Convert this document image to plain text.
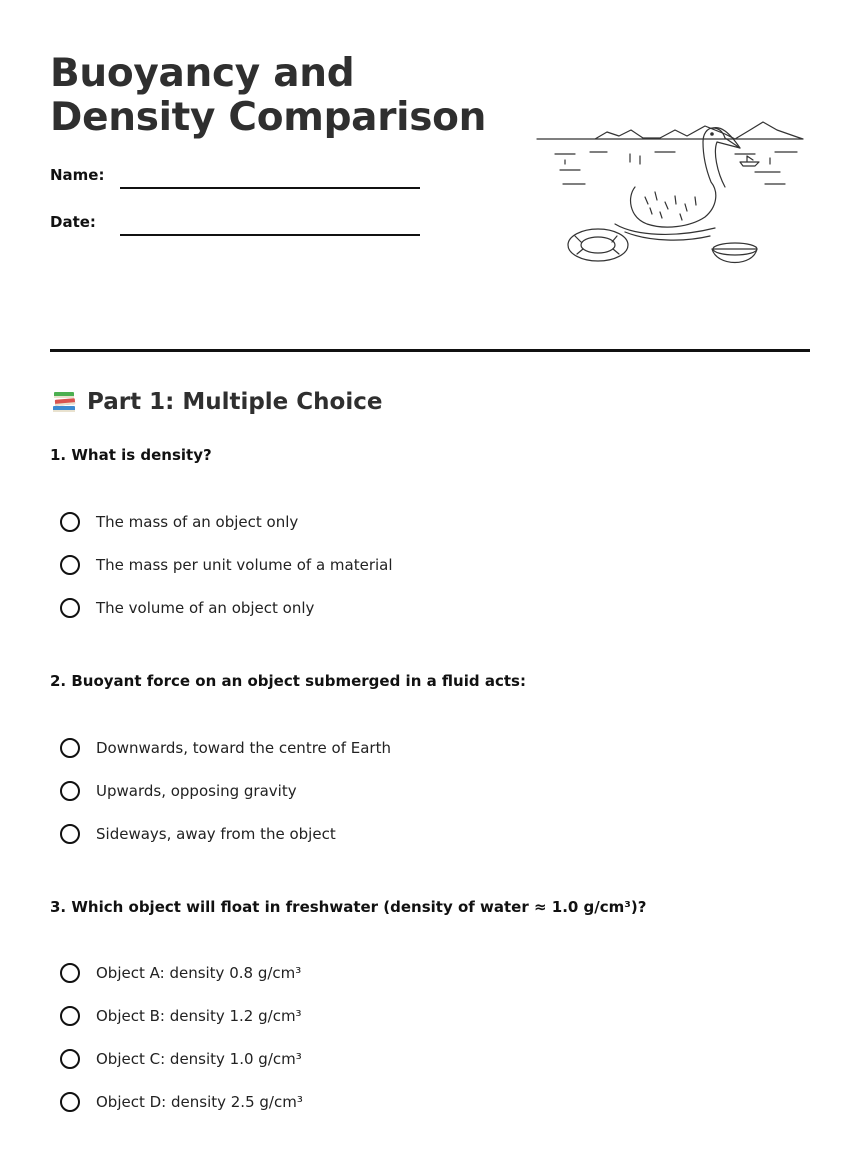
Buoyancy and Density Comparison
Name:
Date:
Part 1: Multiple Choice

1. What is density?

The mass of an object only
The mass per unit volume of a material
The volume of an object only

2. Buoyant force on an object submerged in a fluid acts:

Downwards, toward the centre of Earth
Upwards, opposing gravity
Sideways, away from the object

3. Which object will float in freshwater (density of water ≈ 1.0 g/cm³)?

Object A: density 0.8 g/cm³
Object B: density 1.2 g/cm³
Object C: density 1.0 g/cm³
Object D: density 2.5 g/cm³
